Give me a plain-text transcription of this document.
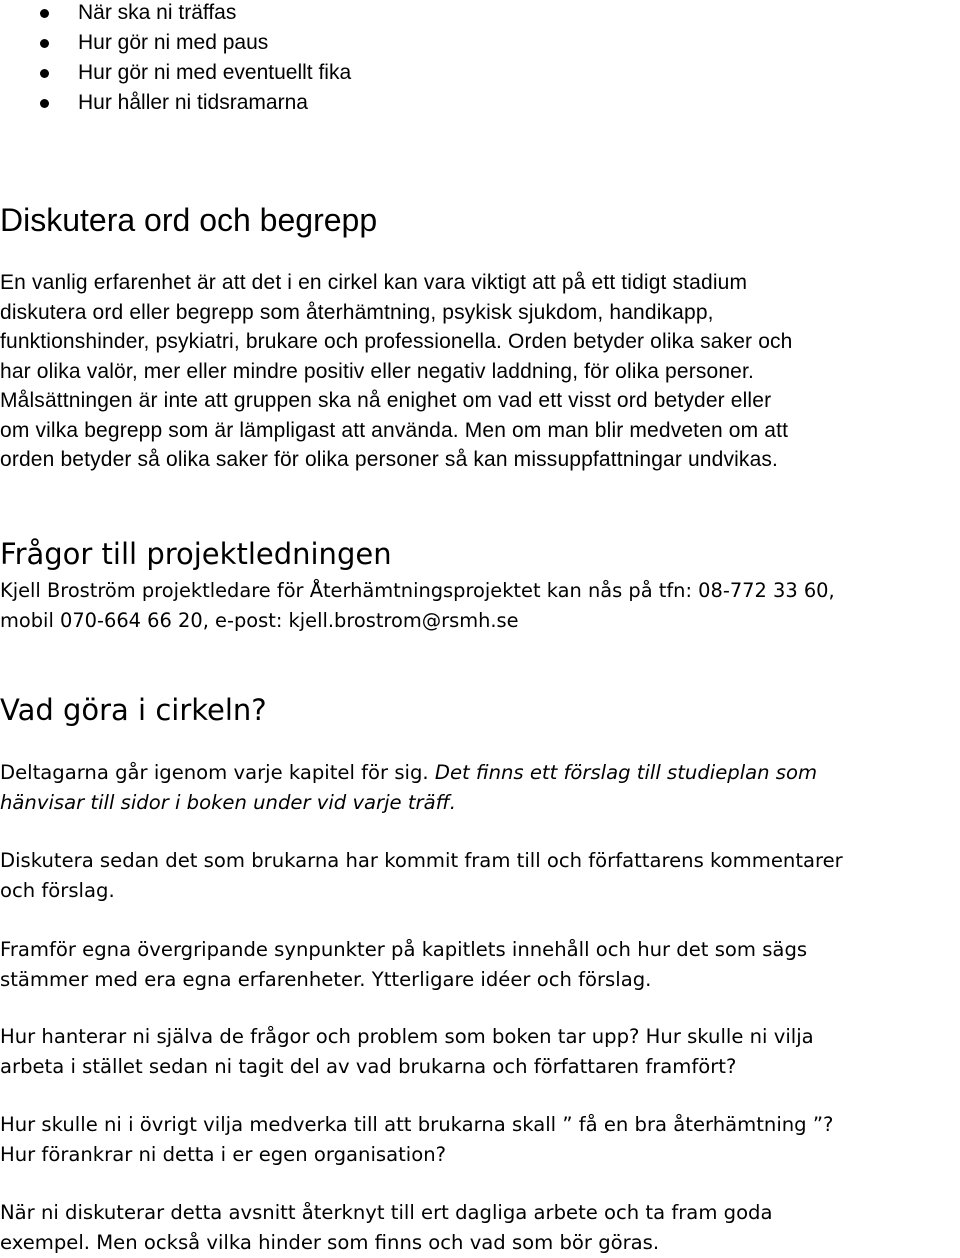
När ska ni träffas
Hur gör ni med paus
Hur gör ni med eventuellt fika
Hur håller ni tidsramarna
Diskutera ord och begrepp

En vanlig erfarenhet är att det i en cirkel kan vara viktigt att på ett tidigt stadium
diskutera ord eller begrepp som återhämtning, psykisk sjukdom, handikapp,
funktionshinder, psykiatri, brukare och professionella. Orden betyder olika saker och
har olika valör, mer eller mindre positiv eller negativ laddning, för olika personer.
Målsättningen är inte att gruppen ska nå enighet om vad ett visst ord betyder eller
om vilka begrepp som är lämpligast att använda. Men om man blir medveten om att
orden betyder så olika saker för olika personer så kan missuppfattningar undvikas.

Frågor till projektledningen

Kjell Broström projektledare för Återhämtningsprojektet kan nås på tfn: 08-772 33 60,
mobil 070-664 66 20, e-post: kjell.brostrom@rsmh.se

Vad göra i cirkeln?

Deltagarna går igenom varje kapitel för sig. Det finns ett förslag till studieplan som
hänvisar till sidor i boken under vid varje träff.

Diskutera sedan det som brukarna har kommit fram till och författarens kommentarer
och förslag.

Framför egna övergripande synpunkter på kapitlets innehåll och hur det som sägs
stämmer med era egna erfarenheter. Ytterligare idéer och förslag.

Hur hanterar ni själva de frågor och problem som boken tar upp? Hur skulle ni vilja
arbeta i stället sedan ni tagit del av vad brukarna och författaren framfört?

Hur skulle ni i övrigt vilja medverka till att brukarna skall ” få en bra återhämtning ”?
Hur förankrar ni detta i er egen organisation?

När ni diskuterar detta avsnitt återknyt till ert dagliga arbete och ta fram goda
exempel. Men också vilka hinder som finns och vad som bör göras.
